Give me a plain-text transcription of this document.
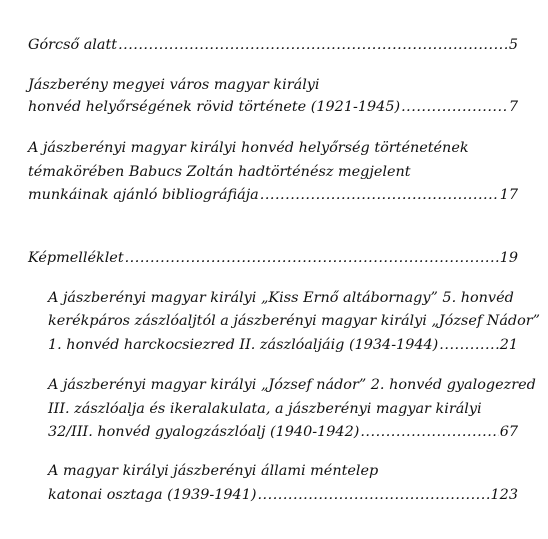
Górcső alatt .....	5
Jászberény megyei város magyar királyi
honvéd helyőrségének rövid története (1921-1945) .....	7
A jászberényi magyar királyi honvéd helyőrség történetének
témakörében Babucs Zoltán hadtörténész megjelent
munkáinak ajánló bibliográfiája .....	17
Képmelléklet .....	19
A jászberényi magyar királyi „Kiss Ernő altábornagy” 5. honvéd
kerékpáros zászlóaljtól a jászberényi magyar királyi „József Nádor”
1. honvéd harckocsiezred II. zászlóaljáig (1934-1944) .....	21
A jászberényi magyar királyi „József nádor” 2. honvéd gyalogezred
III. zászlóalja és ikeralakulata, a jászberényi magyar királyi
32/III. honvéd gyalogzászlóalj (1940-1942) .....	67
A magyar királyi jászberényi állami méntelep
katonai osztaga (1939-1941) .....	123
